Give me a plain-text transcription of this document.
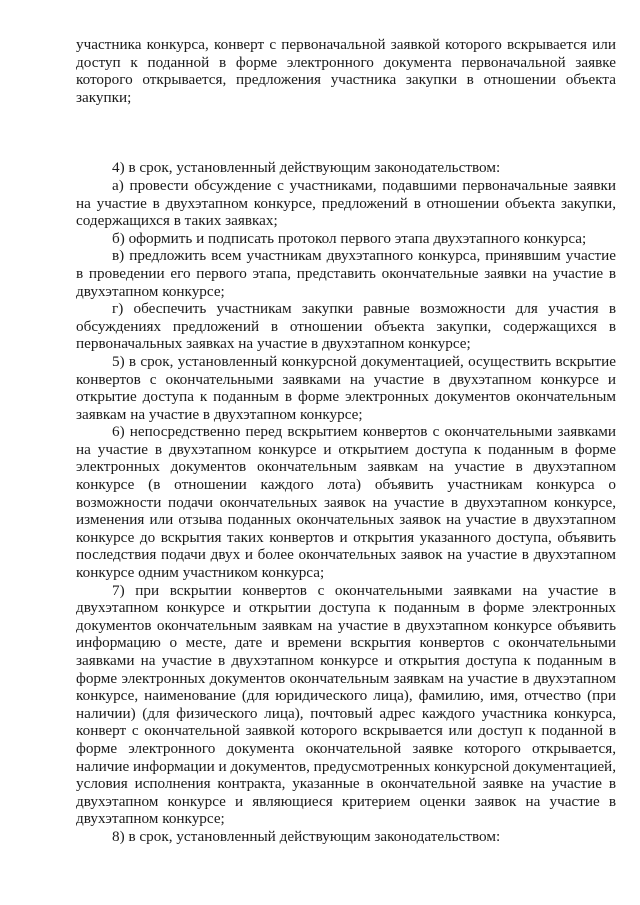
участника конкурса, конверт с первоначальной заявкой которого вскрывается или доступ к поданной в форме электронного документа первоначальной заявке которого открывается, предложения участника закупки в отношении объекта закупки;

4) в срок, установленный действующим законодательством:

а) провести обсуждение с участниками, подавшими первоначальные заявки на участие в двухэтапном конкурсе, предложений в отношении объекта закупки, содержащихся в таких заявках;

б) оформить и подписать протокол первого этапа двухэтапного конкурса;

в) предложить всем участникам двухэтапного конкурса, принявшим участие в проведении его первого этапа, представить окончательные заявки на участие в двухэтапном конкурсе;

г) обеспечить участникам закупки равные возможности для участия в обсуждениях предложений в отношении объекта закупки, содержащихся в первоначальных заявках на участие в двухэтапном конкурсе;

5) в срок, установленный конкурсной документацией, осуществить вскрытие конвертов с окончательными заявками на участие в двухэтапном конкурсе и открытие доступа к поданным в форме электронных документов окончательным заявкам на участие в двухэтапном конкурсе;

6) непосредственно перед вскрытием конвертов с окончательными заявками на участие в двухэтапном конкурсе и открытием доступа к поданным в форме электронных документов окончательным заявкам на участие в двухэтапном конкурсе (в отношении каждого лота) объявить участникам конкурса о возможности подачи окончательных заявок на участие в двухэтапном конкурсе, изменения или отзыва поданных окончательных заявок на участие в двухэтапном конкурсе до вскрытия таких конвертов и открытия указанного доступа, объявить последствия подачи двух и более окончательных заявок на участие в двухэтапном конкурсе одним участником конкурса;

7) при вскрытии конвертов с окончательными заявками на участие в двухэтапном конкурсе и открытии доступа к поданным в форме электронных документов окончательным заявкам на участие в двухэтапном конкурсе объявить информацию о месте, дате и времени вскрытия конвертов с окончательными заявками на участие в двухэтапном конкурсе и открытия доступа к поданным в форме электронных документов окончательным заявкам на участие в двухэтапном конкурсе, наименование (для юридического лица), фамилию, имя, отчество (при наличии) (для физического лица), почтовый адрес каждого участника конкурса, конверт с окончательной заявкой которого вскрывается или доступ к поданной в форме электронного документа окончательной заявке которого открывается, наличие информации и документов, предусмотренных конкурсной документацией, условия исполнения контракта, указанные в окончательной заявке на участие в двухэтапном конкурсе и являющиеся критерием оценки заявок на участие в двухэтапном конкурсе;

8) в срок, установленный действующим законодательством:
